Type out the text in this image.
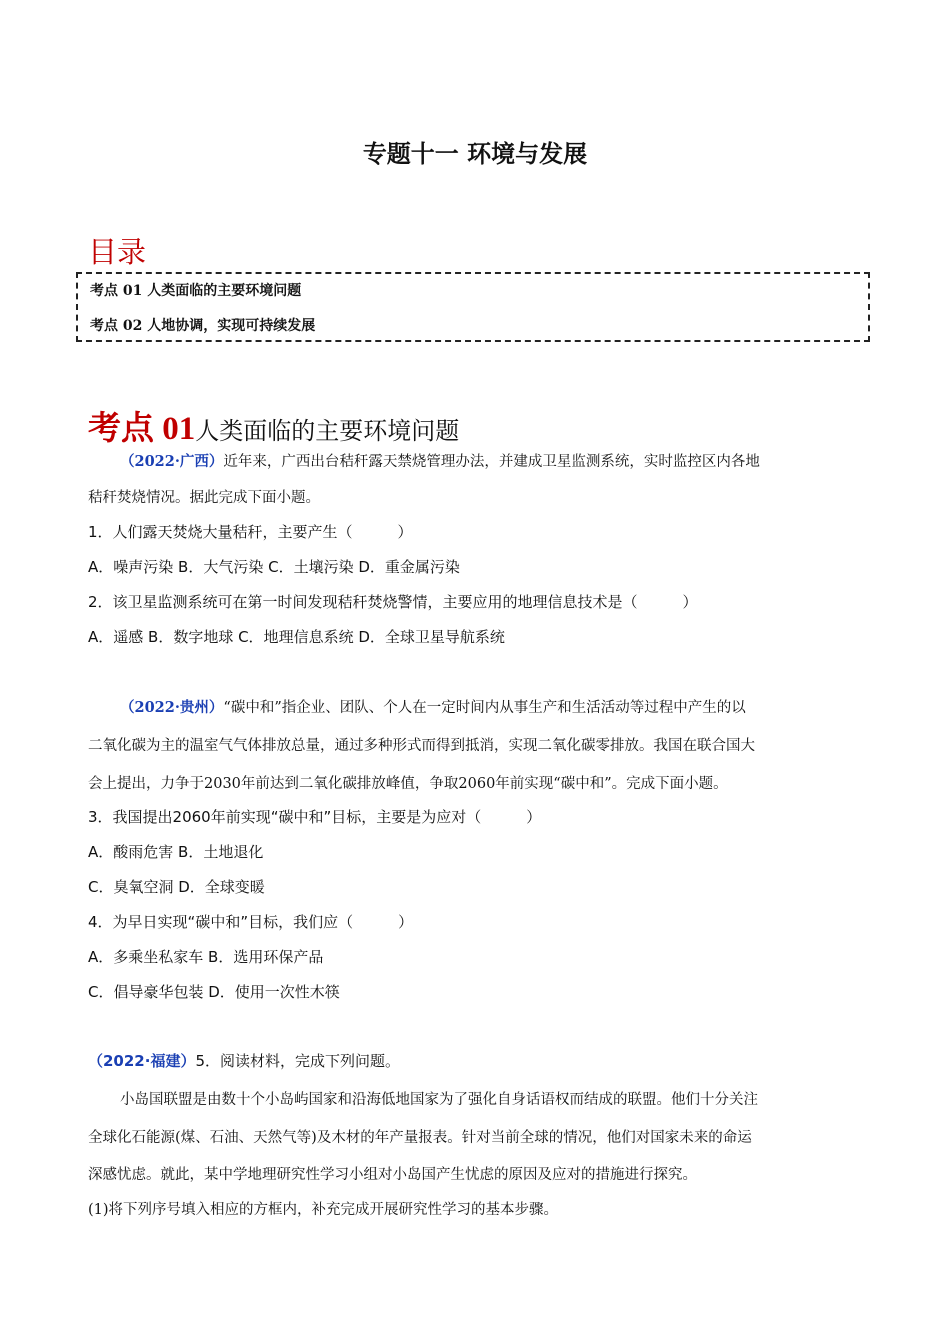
专题十一 环境与发展
目录
考点 01 人类面临的主要环境问题
考点 02 人地协调，实现可持续发展
考点 01人类面临的主要环境问题
（2022·广西）近年来，广西出台秸秆露天禁烧管理办法，并建成卫星监测系统，实时监控区内各地
秸秆焚烧情况。据此完成下面小题。
1．人们露天焚烧大量秸秆，主要产生（　　　）
A．噪声污染 B．大气污染 C．土壤污染 D．重金属污染
2．该卫星监测系统可在第一时间发现秸秆焚烧警情，主要应用的地理信息技术是（　　　）
A．遥感 B．数字地球 C．地理信息系统 D．全球卫星导航系统
（2022·贵州）“碳中和”指企业、团队、个人在一定时间内从事生产和生活活动等过程中产生的以
二氧化碳为主的温室气气体排放总量，通过多种形式而得到抵消，实现二氧化碳零排放。我国在联合国大
会上提出，力争于2030年前达到二氧化碳排放峰值，争取2060年前实现“碳中和”。完成下面小题。
3．我国提出2060年前实现“碳中和”目标，主要是为应对（　　　）
A．酸雨危害 B．土地退化
C．臭氧空洞 D．全球变暖
4．为早日实现“碳中和”目标，我们应（　　　）
A．多乘坐私家车 B．选用环保产品
C．倡导豪华包装 D．使用一次性木筷
（2022·福建）5．阅读材料，完成下列问题。
小岛国联盟是由数十个小岛屿国家和沿海低地国家为了强化自身话语权而结成的联盟。他们十分关注
全球化石能源(煤、石油、天然气等)及木材的年产量报表。针对当前全球的情况，他们对国家未来的命运
深感忧虑。就此，某中学地理研究性学习小组对小岛国产生忧虑的原因及应对的措施进行探究。
(1)将下列序号填入相应的方框内，补充完成开展研究性学习的基本步骤。
